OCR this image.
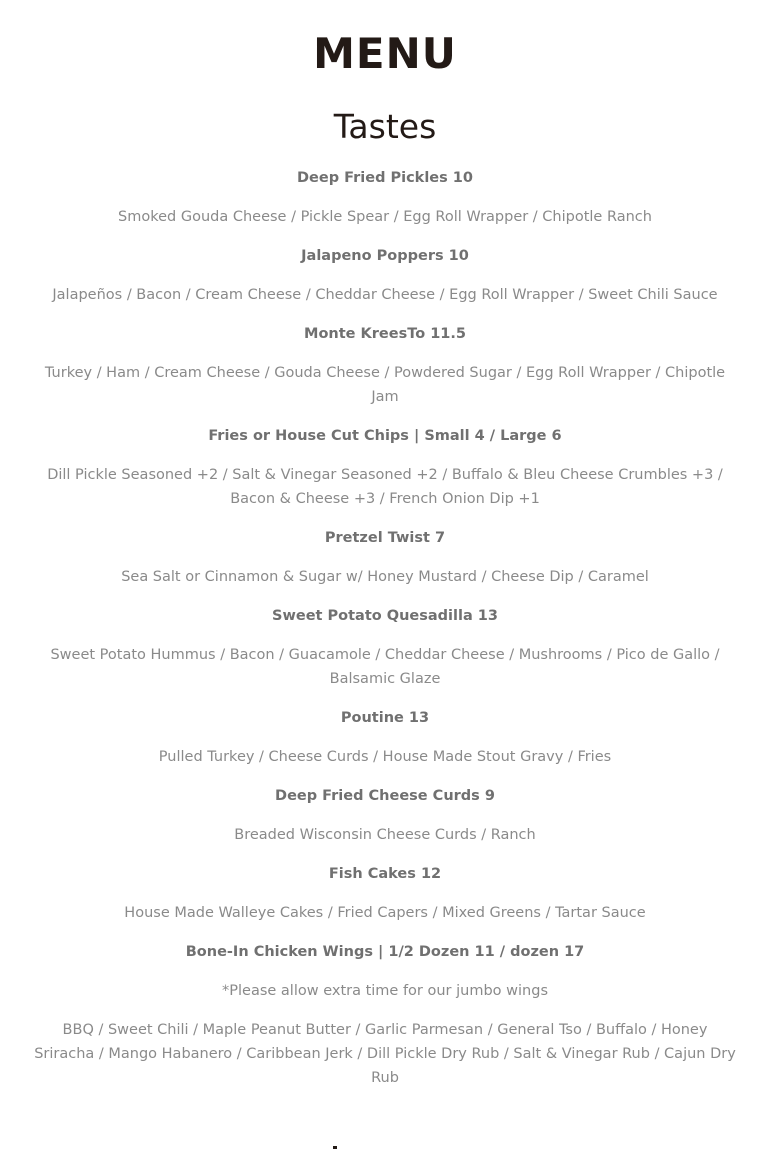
MENU
Tastes

Deep Fried Pickles 10

Smoked Gouda Cheese / Pickle Spear / Egg Roll Wrapper / Chipotle Ranch

Jalapeno Poppers 10

Jalapeños / Bacon / Cream Cheese / Cheddar Cheese / Egg Roll Wrapper / Sweet Chili Sauce

Monte KreesTo 11.5

Turkey / Ham / Cream Cheese / Gouda Cheese / Powdered Sugar / Egg Roll Wrapper / Chipotle Jam

Fries or House Cut Chips | Small 4 / Large 6

Dill Pickle Seasoned +2 / Salt & Vinegar Seasoned +2 / Buffalo & Bleu Cheese Crumbles +3 / Bacon & Cheese +3 / French Onion Dip +1

Pretzel Twist 7

Sea Salt or Cinnamon & Sugar w/ Honey Mustard / Cheese Dip / Caramel

Sweet Potato Quesadilla 13

Sweet Potato Hummus / Bacon / Guacamole / Cheddar Cheese / Mushrooms / Pico de Gallo / Balsamic Glaze

Poutine 13

Pulled Turkey / Cheese Curds / House Made Stout Gravy / Fries

Deep Fried Cheese Curds 9

Breaded Wisconsin Cheese Curds / Ranch

Fish Cakes 12

House Made Walleye Cakes / Fried Capers / Mixed Greens / Tartar Sauce

Bone-In Chicken Wings | 1/2 Dozen 11 / dozen 17

*Please allow extra time for our jumbo wings

BBQ / Sweet Chili / Maple Peanut Butter / Garlic Parmesan / General Tso / Buffalo / Honey Sriracha / Mango Habanero / Caribbean Jerk / Dill Pickle Dry Rub / Salt & Vinegar Rub / Cajun Dry Rub
